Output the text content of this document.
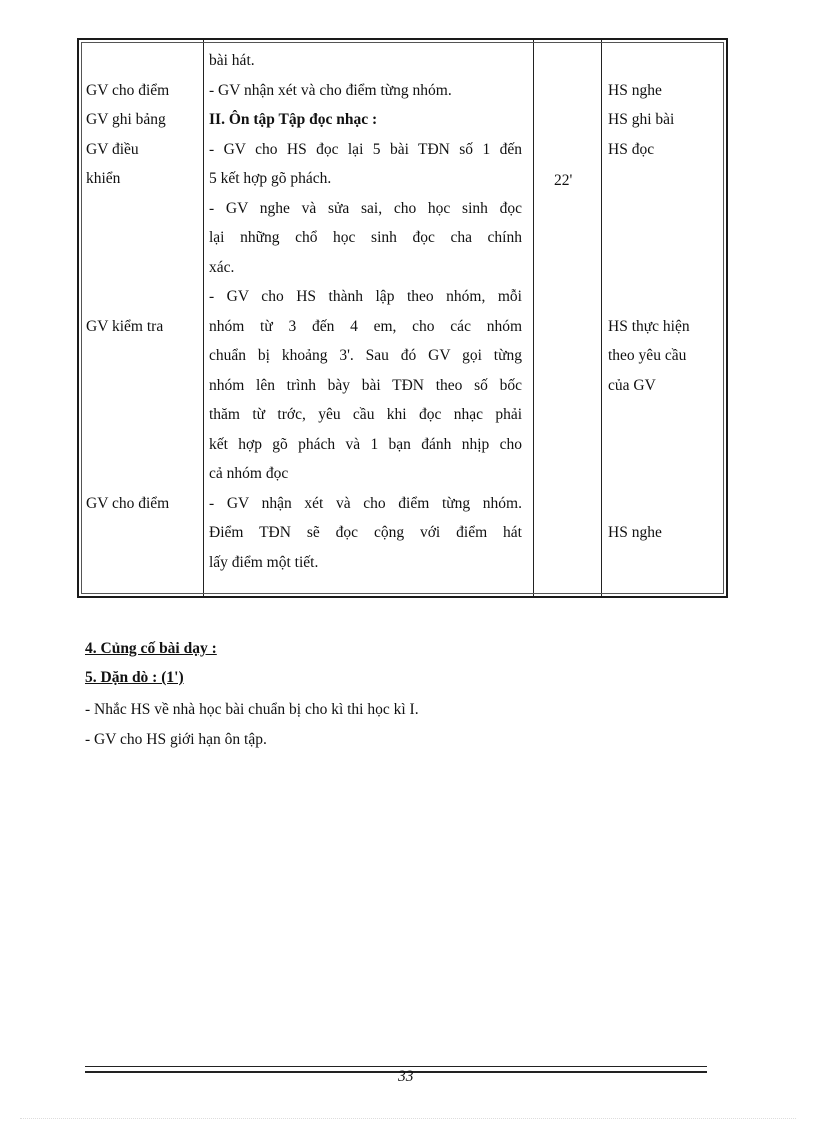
GV cho điểm
GV ghi bảng
GV điều
khiển

GV kiểm tra

GV cho điểm
bài hát.
- GV nhận xét và cho điểm từng nhóm.
II. Ôn tập Tập đọc nhạc :
- GV cho HS đọc lại 5 bài TĐN số 1 đến
5 kết hợp gõ phách.
- GV nghe và sửa sai, cho học sinh đọc
lại những chổ học sinh đọc cha chính
xác.
- GV cho HS thành lập theo nhóm, mỗi
nhóm từ 3 đến 4 em, cho các nhóm
chuẩn bị khoảng 3'. Sau đó GV gọi từng
nhóm lên trình bày bài TĐN theo số bốc
thăm từ trớc, yêu cầu khi đọc nhạc phải
kết hợp gõ phách và 1 bạn đánh nhịp cho
cả nhóm đọc
- GV nhận xét và cho điểm từng nhóm.
Điểm TĐN sẽ đọc cộng với điểm hát
lấy điểm một tiết.
22'

HS nghe
HS ghi bài
HS đọc

HS thực hiện
theo yêu cầu
của GV

HS nghe
4. Củng cố bài dạy :
5. Dặn dò : (1')
- Nhắc HS về nhà học bài chuẩn bị cho kì thi học kì I.
- GV cho HS giới hạn ôn tập.
33
